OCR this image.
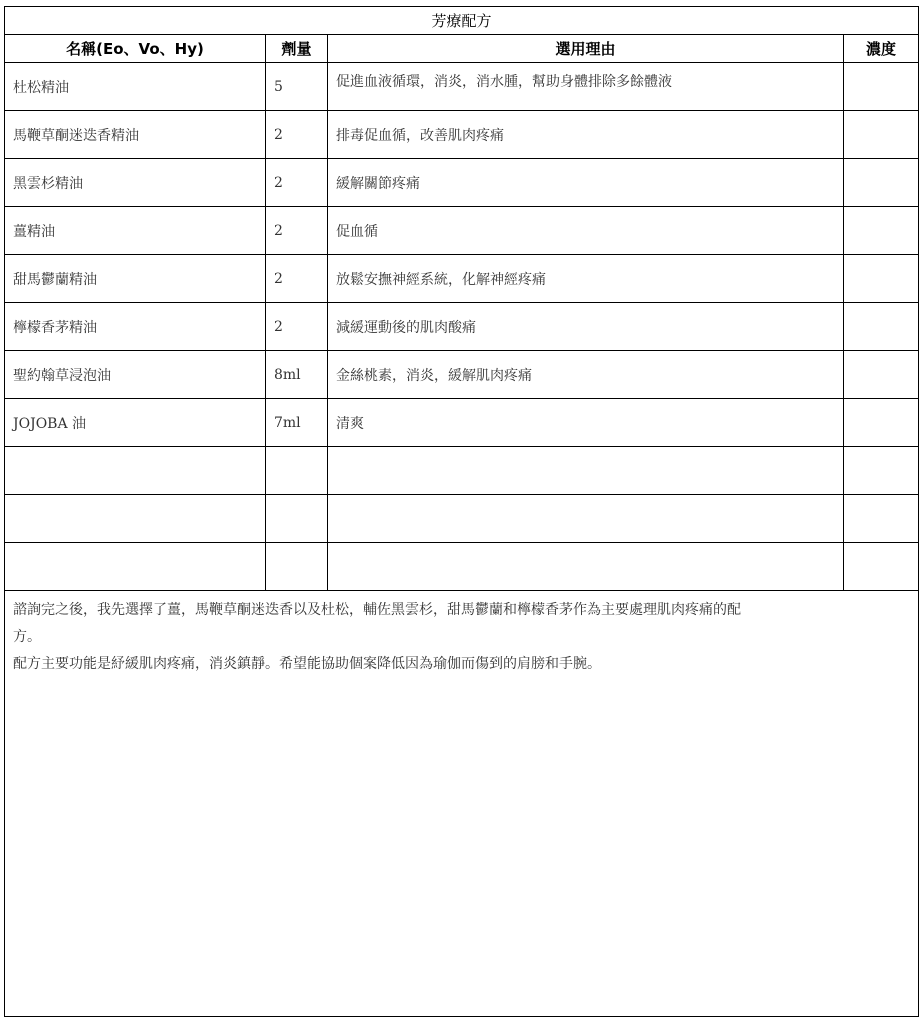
芳療配方			
名稱(Eo、Vo、Hy)	劑量	選用理由	濃度
杜松精油	5	促進血液循環，消炎，消水腫，幫助身體排除多餘體液	
馬鞭草酮迷迭香精油	2	排毒促血循，改善肌肉疼痛	
黑雲杉精油	2	緩解關節疼痛	
薑精油	2	促血循	
甜馬鬱蘭精油	2	放鬆安撫神經系統，化解神經疼痛	
檸檬香茅精油	2	減緩運動後的肌肉酸痛	
聖約翰草浸泡油	8ml	金絲桃素，消炎，緩解肌肉疼痛	
JOJOBA 油	7ml	清爽	

諮詢完之後，我先選擇了薑，馬鞭草酮迷迭香以及杜松，輔佐黑雲杉，甜馬鬱蘭和檸檬香茅作為主要處理肌肉疼痛的配

方。

配方主要功能是紓緩肌肉疼痛，消炎鎮靜。希望能協助個案降低因為瑜伽而傷到的肩膀和手腕。			
